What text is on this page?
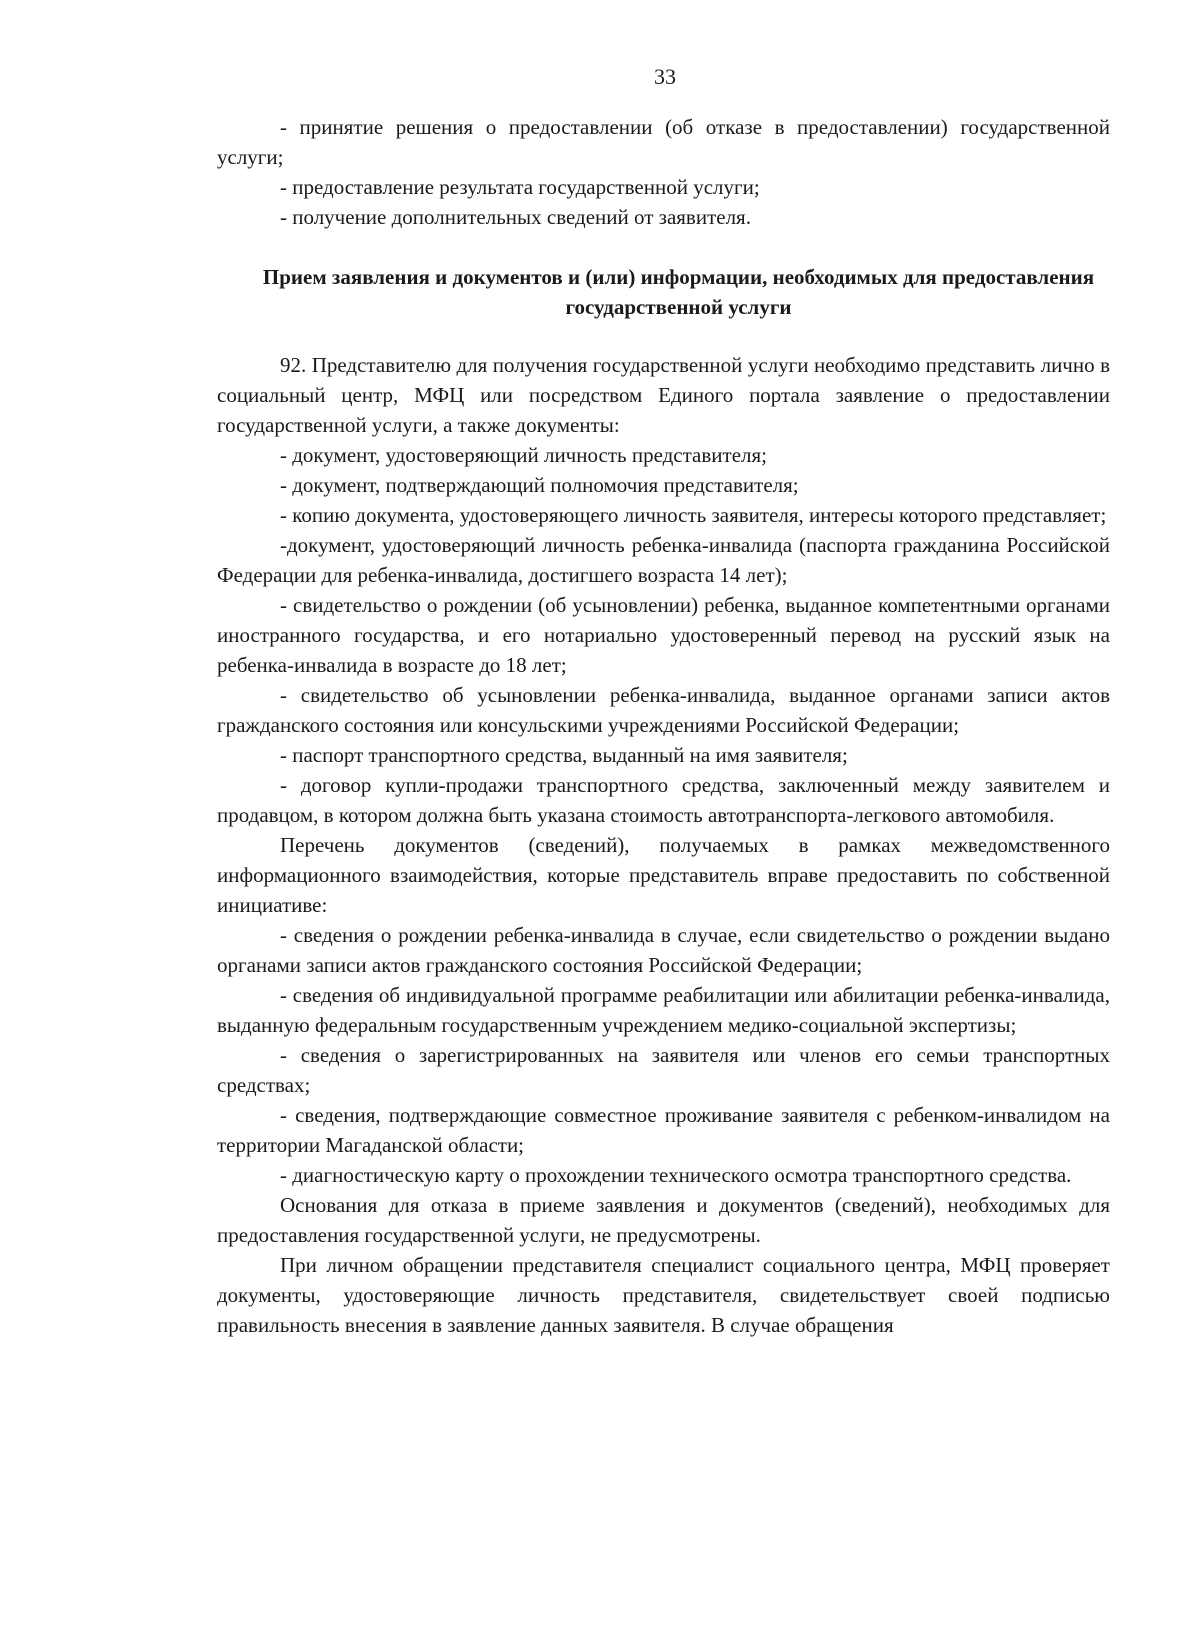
33

- принятие решения о предоставлении (об отказе в предоставлении) государственной услуги;

- предоставление результата государственной услуги;

- получение дополнительных сведений от заявителя.

Прием заявления и документов и (или) информации, необходимых для предоставления государственной услуги

92. Представителю для получения государственной услуги необходимо представить лично в социальный центр, МФЦ или посредством Единого портала заявление о предоставлении государственной услуги, а также документы:

- документ, удостоверяющий личность представителя;

- документ, подтверждающий полномочия представителя;

- копию документа, удостоверяющего личность заявителя, интересы которого представляет;

-документ, удостоверяющий личность ребенка-инвалида (паспорта гражданина Российской Федерации для ребенка-инвалида, достигшего возраста 14 лет);

- свидетельство о рождении (об усыновлении) ребенка, выданное компетентными органами иностранного государства, и его нотариально удостоверенный перевод на русский язык на ребенка-инвалида в возрасте до 18 лет;

- свидетельство об усыновлении ребенка-инвалида, выданное органами записи актов гражданского состояния или консульскими учреждениями Российской Федерации;

- паспорт транспортного средства, выданный на имя заявителя;

- договор купли-продажи транспортного средства, заключенный между заявителем и продавцом, в котором должна быть указана стоимость автотранспорта-легкового автомобиля.

Перечень документов (сведений), получаемых в рамках межведомственного информационного взаимодействия, которые представитель вправе предоставить по собственной инициативе:

- сведения о рождении ребенка-инвалида в случае, если свидетельство о рождении выдано органами записи актов гражданского состояния Российской Федерации;

- сведения об индивидуальной программе реабилитации или абилитации ребенка-инвалида, выданную федеральным государственным учреждением медико-социальной экспертизы;

- сведения о зарегистрированных на заявителя или членов его семьи транспортных средствах;

- сведения, подтверждающие совместное проживание заявителя с ребенком-инвалидом на территории Магаданской области;

- диагностическую карту о прохождении технического осмотра транспортного средства.

Основания для отказа в приеме заявления и документов (сведений), необходимых для предоставления государственной услуги, не предусмотрены.

При личном обращении представителя специалист социального центра, МФЦ проверяет документы, удостоверяющие личность представителя, свидетельствует своей подписью правильность внесения в заявление данных заявителя. В случае обращения
